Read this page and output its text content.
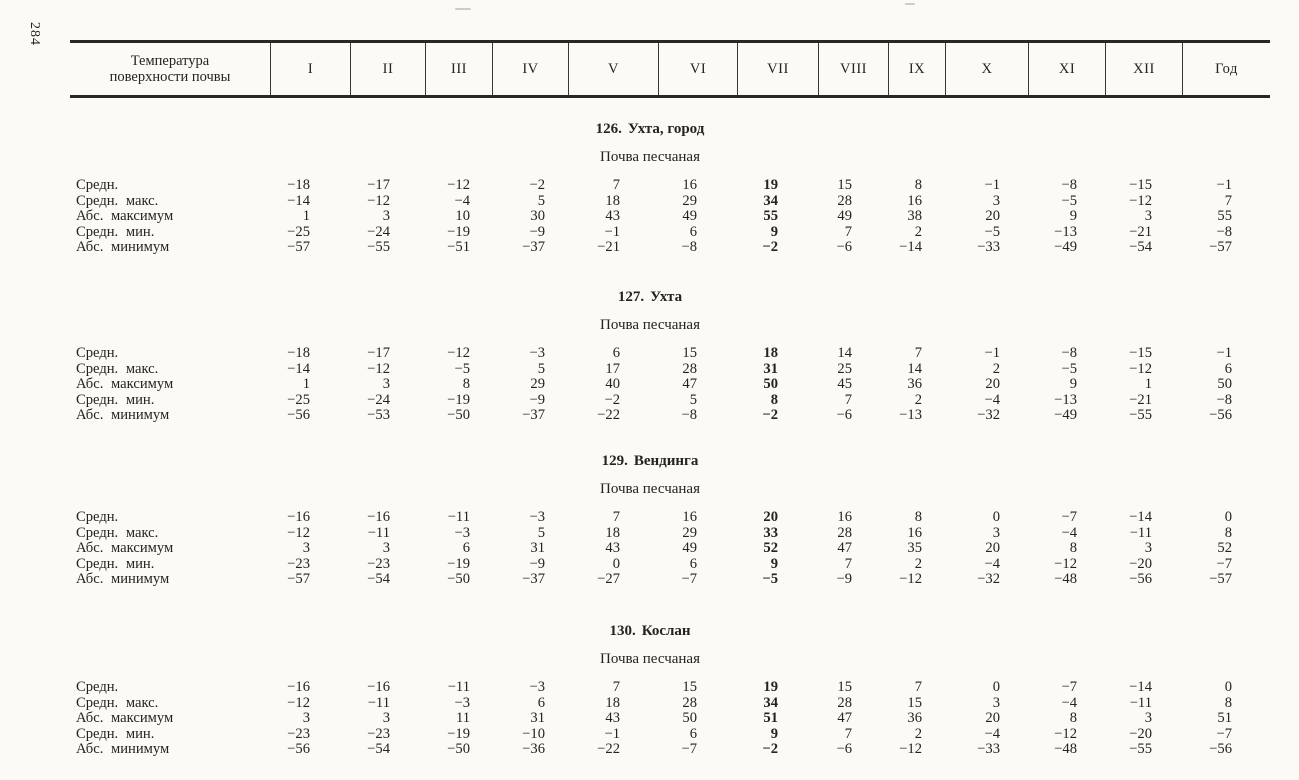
284
Температура
поверхности почвы
I	II	III	IV	V	VI	VII	VIII	IX	X	XI	XII	Год
126. Ухта, город
Почва песчаная
Средн.	−18	−17	−12	−2	7	16	19	15	8	−1	−8	−15	−1
Средн. макс.	−14	−12	−4	5	18	29	34	28	16	3	−5	−12	7
Абс. максимум	1	3	10	30	43	49	55	49	38	20	9	3	55
Средн. мин.	−25	−24	−19	−9	−1	6	9	7	2	−5	−13	−21	−8
Абс. минимум	−57	−55	−51	−37	−21	−8	−2	−6	−14	−33	−49	−54	−57
127. Ухта
Почва песчаная
Средн.	−18	−17	−12	−3	6	15	18	14	7	−1	−8	−15	−1
Средн. макс.	−14	−12	−5	5	17	28	31	25	14	2	−5	−12	6
Абс. максимум	1	3	8	29	40	47	50	45	36	20	9	1	50
Средн. мин.	−25	−24	−19	−9	−2	5	8	7	2	−4	−13	−21	−8
Абс. минимум	−56	−53	−50	−37	−22	−8	−2	−6	−13	−32	−49	−55	−56
129. Вендинга
Почва песчаная
Средн.	−16	−16	−11	−3	7	16	20	16	8	0	−7	−14	0
Средн. макс.	−12	−11	−3	5	18	29	33	28	16	3	−4	−11	8
Абс. максимум	3	3	6	31	43	49	52	47	35	20	8	3	52
Средн. мин.	−23	−23	−19	−9	0	6	9	7	2	−4	−12	−20	−7
Абс. минимум	−57	−54	−50	−37	−27	−7	−5	−9	−12	−32	−48	−56	−57
130. Кослан
Почва песчаная
Средн.	−16	−16	−11	−3	7	15	19	15	7	0	−7	−14	0
Средн. макс.	−12	−11	−3	6	18	28	34	28	15	3	−4	−11	8
Абс. максимум	3	3	11	31	43	50	51	47	36	20	8	3	51
Средн. мин.	−23	−23	−19	−10	−1	6	9	7	2	−4	−12	−20	−7
Абс. минимум	−56	−54	−50	−36	−22	−7	−2	−6	−12	−33	−48	−55	−56
